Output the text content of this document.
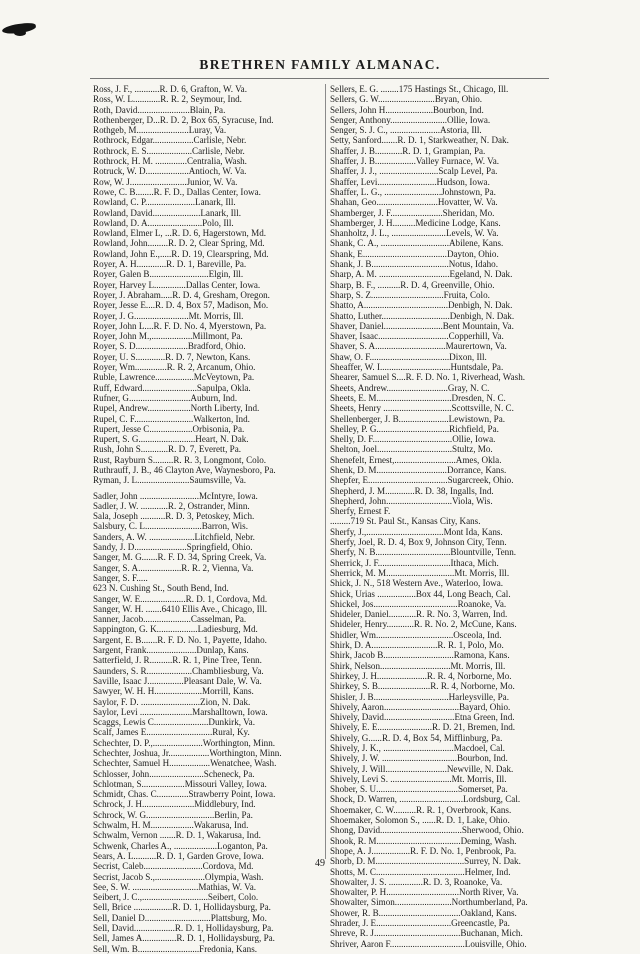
BRETHREN FAMILY ALMANAC.
Ross, J. F., ...........R. D. 6, Grafton, W. Va.
Ross, W. L............R. R. 2, Seymour, Ind.
Roth, David.......................Blain, Pa.
Rothenberger, D...R. D. 2, Box 65, Syracuse, Ind.
Rothgeb, M.......................Luray, Va.
Rothrock, Edgar..................Carlisle, Nebr.
Rothrock, E. S....................Carlisle, Nebr.
Rothrock, H. M. ..............Centralia, Wash.
Rotruck, W. D...................Antioch, W. Va.
Row, W. J.........................Junior, W. Va.
Rowe, C. B........R. F. D., Dallas Center, Iowa.
Rowland, C. P......................Lanark, Ill.
Rowland, David.....................Lanark, Ill.
Rowland, D. A........................Polo, Ill.
Rowland, Elmer L, ...R. D. 6, Hagerstown, Md.
Rowland, John.........R. D. 2, Clear Spring, Md.
Rowland, John E.,.....R. D. 19, Clearspring, Md.
Royer, A. H.............R. D. 1, Bareville, Pa.
Royer, Galen B..........................Elgin, Ill.
Royer, Harvey L..............Dallas Center, Iowa.
Royer, J. Abraham.....R. D. 4, Gresham, Oregon.
Royer, Jesse E....R. D. 4, Box 57, Madison, Mo.
Royer, J. G........................Mt. Morris, Ill.
Royer, John L....R. F. D. No. 4, Myerstown, Pa.
Royer, John M.,..................Millmont, Pa.
Royer, S. D.......................Bradford, Ohio.
Royer, U. S.............R. D. 7, Newton, Kans.
Royer, Wm..............R. R. 2, Arcanum, Ohio.
Ruble, Lawrence.................McVeytown, Pa.
Ruff, Edward........................Sapulpa, Okla.
Rufner, G...........................Auburn, Ind.
Rupel, Andrew...................North Liberty, Ind.
Rupel, C. F..........................Walkerton, Ind.
Rupert, Jesse C...................Orbisonia, Pa.
Rupert, S. G.........................Heart, N. Dak.
Rush, John S............R. D. 7, Everett, Pa.
Rust, Rayburn S.........R. R. 3, Longmont, Colo.
Ruthrauff, J. B., 46 Clayton Ave, Waynesboro, Pa.
Ryman, J. L.......................Saumsville, Va.
Sadler, John ..........................McIntyre, Iowa.
Sadler, J. W. ............R. 2, Ostrander, Minn.
Sala, Joseph ...........R. D. 3, Petoskey, Mich.
Salsbury, C. L.........................Barron, Wis.
Sanders, A. W. ....................Litchfield, Nebr.
Sandy, J. D.......................Springfield, Ohio.
Sanger, M. G.......R. F. D. 34, Spring Creek, Va.
Sanger, S. A...................R. R. 2, Vienna, Va.
Sanger, S. F.....
623 N. Cushing St., South Bend, Ind.
Sanger, W. E....................R. D. 1, Cordova, Md.
Sanger, W. H. .......6410 Ellis Ave., Chicago, Ill.
Sanner, Jacob.....................Casselman, Pa.
Sappington, G. K..................Ladiesburg, Md.
Sargent, E. B.......R. F. D. No. 1, Payette, Idaho.
Sargent, Frank......................Dunlap, Kans.
Satterfield, J. R..........R. R. 1, Pine Tree, Tenn.
Saunders, S. R....................Chambliesburg, Va.
Saville, Isaac J................Pleasant Dale, W. Va.
Sawyer, W. H. H.....................Morrill, Kans.
Saylor, F. D. ..........................Zion, N. Dak.
Saylor, Levi .......................Marshalltown, Iowa.
Scaggs, Lewis C........................Dunkirk, Va.
Scalf, James E.............................Rural, Ky.
Schechter, D. P.,......................Worthington, Minn.
Schechter, Joshua, Jr..................Worthington, Minn.
Schechter, Samuel H..................Wenatchee, Wash.
Schlosser, John........................Scheneck, Pa.
Schlotman, S...................Missouri Valley, Iowa.
Schmidt, Chas. C..............Strawberry Point, Iowa.
Schrock, J. H.......................Middlebury, Ind.
Schrock, W. G..............................Berlin, Pa.
Schwalm, H. M...................Wakarusa, Ind.
Schwalm, Vernon .......R. D. 1, Wakarusa, Ind.
Schwenk, Charles A., ...................Loganton, Pa.
Sears, A. L..........R. D. 1, Garden Grove, Iowa.
Secrist, Caleb..........................Cordova, Md.
Secrist, Jacob S.,......................Olympia, Wash.
See, S. W. .............................Mathias, W. Va.
Seibert, J. C.,.............................Seibert, Colo.
Sell, Brice .................R. D. 1, Hollidaysburg, Pa.
Sell, Daniel D.............................Plattsburg, Mo.
Sell, David..................R. D. 1, Hollidaysburg, Pa.
Sell, James A...............R. D. 1, Hollidaysburg, Pa.
Sell, Wm. B...........................Fredonia, Kans.
Sellers, E. G. ........175 Hastings St., Chicago, Ill.
Sellers, G. W.........................Bryan, Ohio.
Sellers, John H.....................Bourbon, Ind.
Senger, Anthony.........................Ollie, Iowa.
Senger, S. J. C., ......................Astoria, Ill.
Setty, Sanford.......R. D. 1, Starkweather, N. Dak.
Shaffer, J. B............R. D. 1, Grampian, Pa.
Shaffer, J. B..................Valley Furnace, W. Va.
Shaffer, J. J., ..........................Scalp Level, Pa.
Shaffer, Levi..........................Hudson, Iowa.
Shaffer, L. G., .........................Johnstown, Pa.
Shahan, Geo...........................Hovatter, W. Va.
Shamberger, J. F.......................Sheridan, Mo.
Shamberger, J. H..........Medicine Lodge, Kans.
Shanholtz, J. L., ........................Levels, W. Va.
Shank, C. A., ..............................Abilene, Kans.
Shank, E.....................................Dayton, Ohio.
Shank, J. B..................................Notus, Idaho.
Sharp, A. M. ...............................Egeland, N. Dak.
Sharp, B. F., ..........R. D. 4, Greenville, Ohio.
Sharp, S. Z................................Fruita, Colo.
Shatto, A.....................................Denbigh, N. Dak.
Shatto, Luther..............................Denbigh, N. Dak.
Shaver, Daniel..........................Bent Mountain, Va.
Shaver, Isaac...............................Copperhill, Va.
Shaver, S. A...............................Maurertown, Va.
Shaw, O. F...................................Dixon, Ill.
Sheaffer, W. I...............................Huntsdale, Pa.
Shearer, Samuel S....R. F. D. No. 1, Riverhead, Wash.
Sheets, Andrew...........................Gray, N. C.
Sheets, E. M.................................Dresden, N. C.
Sheets, Henry ..............................Scottsville, N. C.
Shellenberger, J. B......................Lewistown, Pa.
Shelley, P. G................................Richfield, Pa.
Shelly, D. F...................................Ollie, Iowa.
Shelton, Joel.................................Stultz, Mo.
Shenefelt, Ernest,...........................Ames, Okla.
Shenk, D. M...............................Dorrance, Kans.
Shepfer, E...................................Sugarcreek, Ohio.
Shepherd, J. M.............R. D. 38, Ingalls, Ind.
Shepherd, John.............................Viola, Wis.
Sherfy, Ernest F.
.........719 St. Paul St., Kansas City, Kans.
Sherfy, J.,..................................Mont Ida, Kans.
Sherfy, Joel, R. D. 4, Box 9, Johnson City, Tenn.
Sherfy, N. B.................................Blountville, Tenn.
Sherrick, J. F................................Ithaca, Mich.
Sherrick, M. M..............................Mt. Morris, Ill.
Shick, J. N., 518 Western Ave., Waterloo, Iowa.
Shick, Urias .................Box 44, Long Beach, Cal.
Shickel, Jos.....................................Roanoke, Va.
Shideler, Daniel............R. R. No. 3, Warren, Ind.
Shideler, Henry............R. R. No. 2, McCune, Kans.
Shidler, Wm..................................Osceola, Ind.
Shirk, D. A.............................R. R. 1, Polo, Mo.
Shirk, Jacob B...............................Ramona, Kans.
Shirk, Nelson...............................Mt. Morris, Ill.
Shirkey, J. H......................R. R. 4, Norborne, Mo.
Shirkey, S. B.......................R. R. 4, Norborne, Mo.
Shisler, J. B.................................Harleysville, Pa.
Shively, Aaron.................................Bayard, Ohio.
Shively, David...............................Etna Green, Ind.
Shively, E. E........................R. D. 21, Bremen, Ind.
Shively, G......R. D. 4, Box 54, Mifflinburg, Pa.
Shively, J. K., ...............................Macdoel, Cal.
Shively, J. W. .................................Bourbon, Ind.
Shively, J. Will...........................Newville, N. Dak.
Shively, Levi S. ...........................Mt. Morris, Ill.
Shober, S. U....................................Somerset, Pa.
Shock, D. Warren, ............................Lordsburg, Cal.
Shoemaker, C. W..........R. R. 1, Overbrook, Kans.
Shoemaker, Solomon S., ......R. D. 1, Lake, Ohio.
Shong, David....................................Sherwood, Ohio.
Shook, R. M.....................................Deming, Wash.
Shope, A. J.................R. F. D. No. 1, Penbrook, Pa.
Shorb, D. M.......................................Surrey, N. Dak.
Shotts, M. C.......................................Helmer, Ind.
Showalter, J. S. ...............R. D. 3, Roanoke, Va.
Showalter, P. H................................North River, Va.
Showalter, Simon.........................Northumberland, Pa.
Shower, R. B....................................Oakland, Kans.
Shrader, J. E.................................Greencastle, Pa.
Shreve, R. J......................................Buchanan, Mich.
Shriver, Aaron F.................................Louisville, Ohio.
49
